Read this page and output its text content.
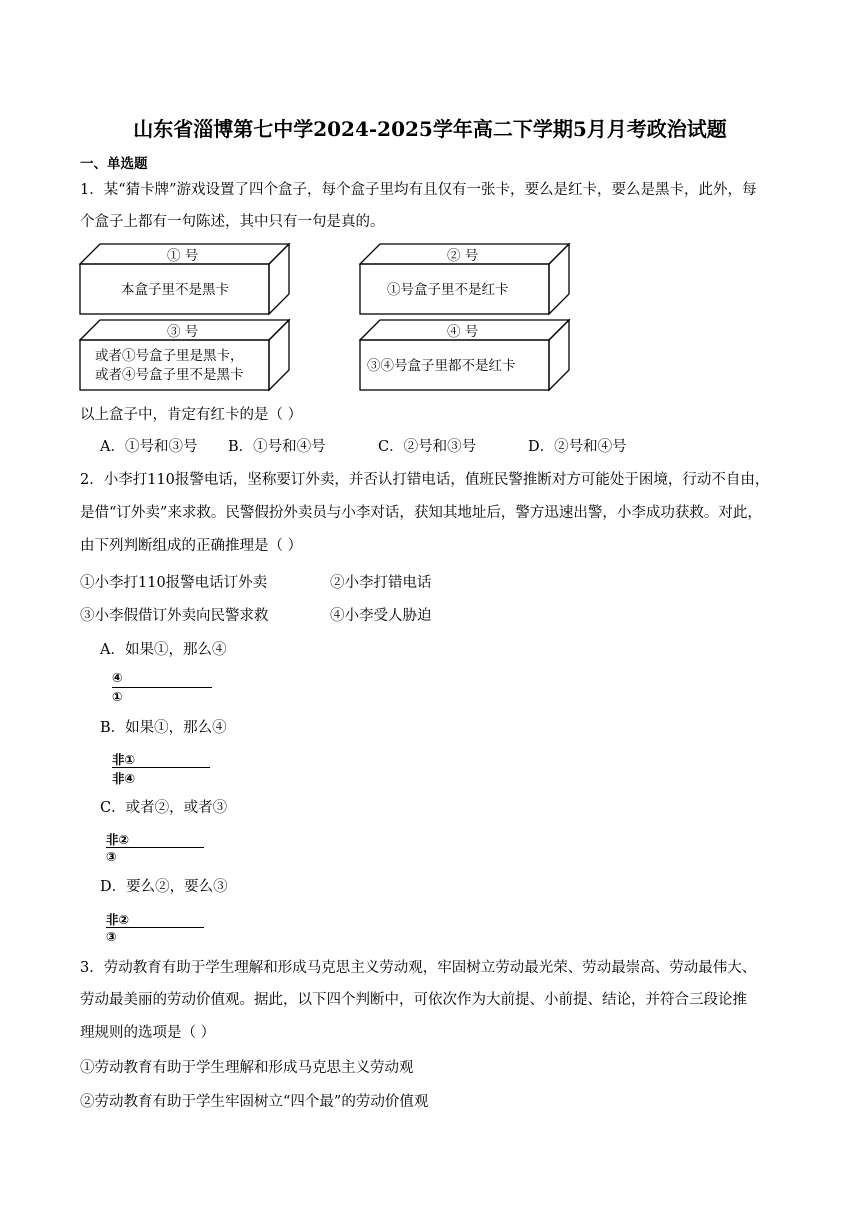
山东省淄博第七中学2024-2025学年高二下学期5月月考政治试题
一、单选题
1．某“猜卡牌”游戏设置了四个盒子，每个盒子里均有且仅有一张卡，要么是红卡，要么是黑卡，此外，每
个盒子上都有一句陈述，其中只有一句是真的。
① 号
本盒子里不是黑卡
② 号
①号盒子里不是红卡
③ 号
或者①号盒子里是黑卡，
或者④号盒子里不是黑卡
④ 号
③④号盒子里都不是红卡
以上盒子中，肯定有红卡的是（ ）
A．①号和③号 B．①号和④号	C．②号和③号	D．②号和④号
2．小李打110报警电话，坚称要订外卖，并否认打错电话，值班民警推断对方可能处于困境，行动不自由，
是借“订外卖”来求救。民警假扮外卖员与小李对话，获知其地址后，警方迅速出警，小李成功获救。对此，
由下列判断组成的正确推理是（ ）
①小李打110报警电话订外卖	②小李打错电话
③小李假借订外卖向民警求救	④小李受人胁迫
A．如果①，那么④
④
①
B．如果①，那么④
非①
非④
C．或者②，或者③
非②
③
D．要么②，要么③
非②
③
3．劳动教育有助于学生理解和形成马克思主义劳动观，牢固树立劳动最光荣、劳动最崇高、劳动最伟大、
劳动最美丽的劳动价值观。据此，以下四个判断中，可依次作为大前提、小前提、结论，并符合三段论推
理规则的选项是（ ）
①劳动教育有助于学生理解和形成马克思主义劳动观
②劳动教育有助于学生牢固树立“四个最”的劳动价值观
